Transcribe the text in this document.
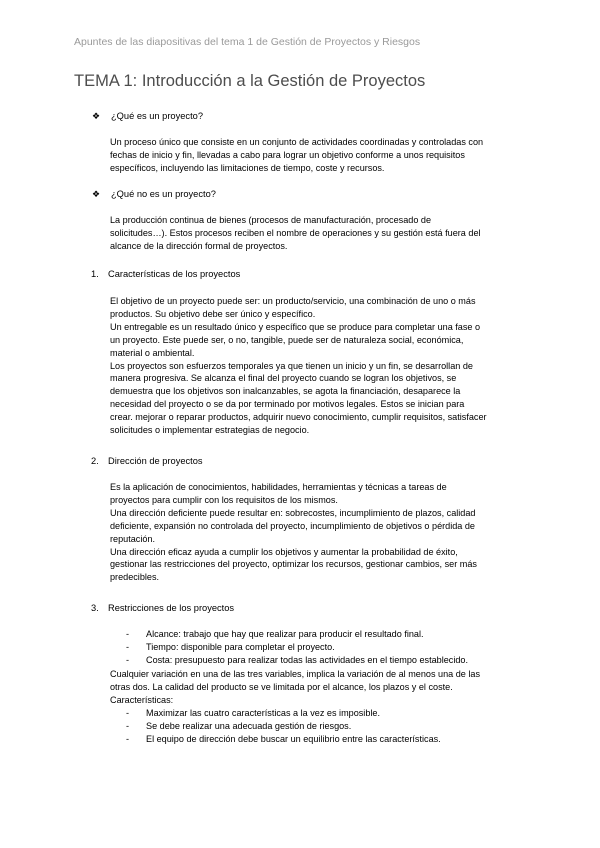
Apuntes de las diapositivas del tema 1 de Gestión de Proyectos y Riesgos
TEMA 1: Introducción a la Gestión de Proyectos
❖	¿Qué es un proyecto?
Un proceso único que consiste en un conjunto de actividades coordinadas y controladas con
fechas de inicio y fin, llevadas a cabo para lograr un objetivo conforme a unos requisitos
específicos, incluyendo las limitaciones de tiempo, coste y recursos.
❖	¿Qué no es un proyecto?
La producción continua de bienes (procesos de manufacturación, procesado de
solicitudes…). Estos procesos reciben el nombre de operaciones y su gestión está fuera del
alcance de la dirección formal de proyectos.
1. Características de los proyectos
El objetivo de un proyecto puede ser: un producto/servicio, una combinación de uno o más
productos. Su objetivo debe ser único y específico.
Un entregable es un resultado único y específico que se produce para completar una fase o
un proyecto. Este puede ser, o no, tangible, puede ser de naturaleza social, económica,
material o ambiental.
Los proyectos son esfuerzos temporales ya que tienen un inicio y un fin, se desarrollan de
manera progresiva. Se alcanza el final del proyecto cuando se logran los objetivos, se
demuestra que los objetivos son inalcanzables, se agota la financiación, desaparece la
necesidad del proyecto o se da por terminado por motivos legales. Estos se inician para
crear. mejorar o reparar productos, adquirir nuevo conocimiento, cumplir requisitos, satisfacer
solicitudes o implementar estrategias de negocio.
2. Dirección de proyectos
Es la aplicación de conocimientos, habilidades, herramientas y técnicas a tareas de
proyectos para cumplir con los requisitos de los mismos.
Una dirección deficiente puede resultar en: sobrecostes, incumplimiento de plazos, calidad
deficiente, expansión no controlada del proyecto, incumplimiento de objetivos o pérdida de
reputación.
Una dirección eficaz ayuda a cumplir los objetivos y aumentar la probabilidad de éxito,
gestionar las restricciones del proyecto, optimizar los recursos, gestionar cambios, ser más
predecibles.
3. Restricciones de los proyectos
- Alcance: trabajo que hay que realizar para producir el resultado final.
- Tiempo: disponible para completar el proyecto.
- Costa: presupuesto para realizar todas las actividades en el tiempo establecido.
Cualquier variación en una de las tres variables, implica la variación de al menos una de las
otras dos. La calidad del producto se ve limitada por el alcance, los plazos y el coste.
Características:
- Maximizar las cuatro características a la vez es imposible.
- Se debe realizar una adecuada gestión de riesgos.
- El equipo de dirección debe buscar un equilibrio entre las características.
